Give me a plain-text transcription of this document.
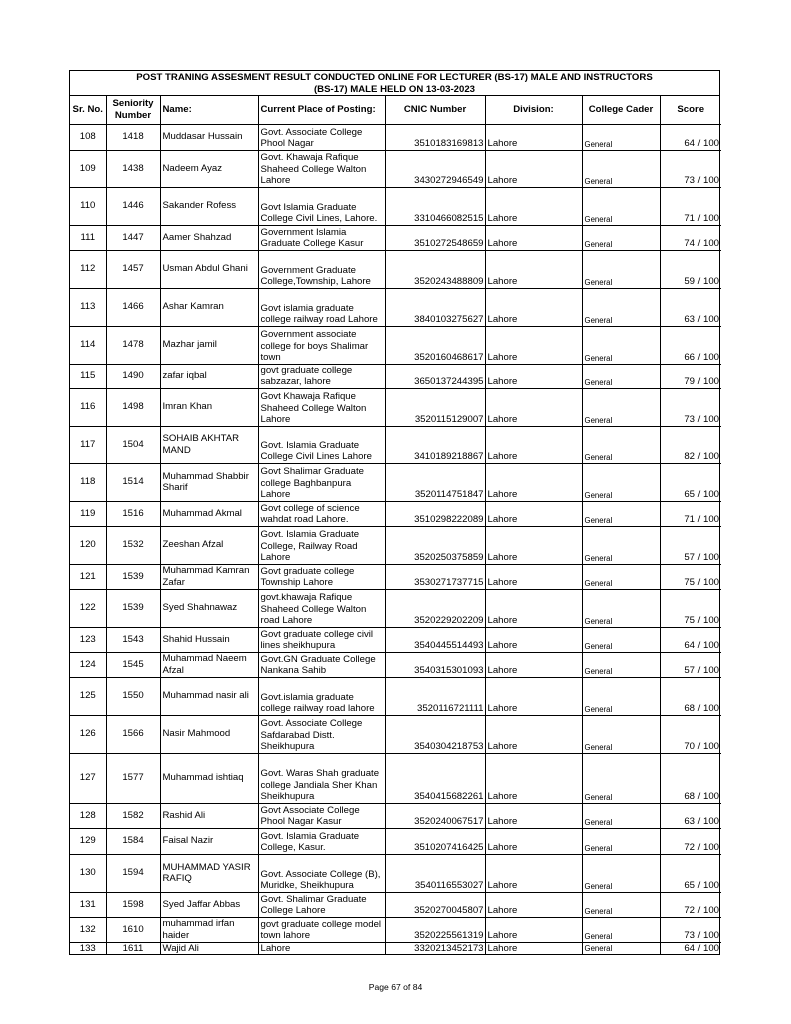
POST TRANING ASSESMENT RESULT CONDUCTED ONLINE FOR LECTURER (BS-17) MALE AND INSTRUCTORS
(BS-17) MALE HELD ON 13-03-2023
Sr. No.	Seniority Number	Name:	Current Place of Posting:	CNIC Number	Division:	College Cader	Score
108	1418	Muddasar Hussain	Govt. Associate College Phool Nagar	3510183169813	Lahore	General	64 / 100
109	1438	Nadeem Ayaz	Govt. Khawaja Rafique Shaheed College Walton Lahore	3430272946549	Lahore	General	73 / 100
110	1446	Sakander Rofess	Govt Islamia Graduate College Civil Lines, Lahore.	3310466082515	Lahore	General	71 / 100
111	1447	Aamer Shahzad	Government Islamia Graduate College Kasur	3510272548659	Lahore	General	74 / 100
112	1457	Usman Abdul Ghani	Government Graduate College,Township, Lahore	3520243488809	Lahore	General	59 / 100
113	1466	Ashar Kamran	Govt islamia graduate college railway road Lahore	3840103275627	Lahore	General	63 / 100
114	1478	Mazhar jamil	Government associate college for boys Shalimar town	3520160468617	Lahore	General	66 / 100
115	1490	zafar iqbal	govt graduate college sabzazar, lahore	3650137244395	Lahore	General	79 / 100
116	1498	Imran Khan	Govt Khawaja Rafique Shaheed College Walton Lahore	3520115129007	Lahore	General	73 / 100
117	1504	SOHAIB AKHTAR MAND	Govt. Islamia Graduate College Civil Lines Lahore	3410189218867	Lahore	General	82 / 100
118	1514	Muhammad Shabbir Sharif	Govt Shalimar Graduate college Baghbanpura Lahore	3520114751847	Lahore	General	65 / 100
119	1516	Muhammad Akmal	Govt college of science wahdat road Lahore.	3510298222089	Lahore	General	71 / 100
120	1532	Zeeshan Afzal	Govt. Islamia Graduate College, Railway Road Lahore	3520250375859	Lahore	General	57 / 100
121	1539	Muhammad Kamran Zafar	Govt graduate college Township Lahore	3530271737715	Lahore	General	75 / 100
122	1539	Syed Shahnawaz	govt.khawaja Rafique Shaheed College Walton road Lahore	3520229202209	Lahore	General	75 / 100
123	1543	Shahid Hussain	Govt graduate college civil lines sheikhupura	3540445514493	Lahore	General	64 / 100
124	1545	Muhammad Naeem Afzal	Govt.GN Graduate College Nankana Sahib	3540315301093	Lahore	General	57 / 100
125	1550	Muhammad nasir ali	Govt.islamia graduate college railway road lahore	3520116721111	Lahore	General	68 / 100
126	1566	Nasir Mahmood	Govt. Associate College Safdarabad Distt. Sheikhupura	3540304218753	Lahore	General	70 / 100
127	1577	Muhammad ishtiaq	Govt. Waras Shah graduate college Jandiala Sher Khan Sheikhupura	3540415682261	Lahore	General	68 / 100
128	1582	Rashid Ali	Govt Associate College Phool Nagar Kasur	3520240067517	Lahore	General	63 / 100
129	1584	Faisal Nazir	Govt. Islamia Graduate College, Kasur.	3510207416425	Lahore	General	72 / 100
130	1594	MUHAMMAD YASIR RAFIQ	Govt. Associate College (B), Muridke, Sheikhupura	3540116553027	Lahore	General	65 / 100
131	1598	Syed Jaffar Abbas	Govt. Shalimar Graduate College Lahore	3520270045807	Lahore	General	72 / 100
132	1610	muhammad irfan haider	govt graduate college model town lahore	3520225561319	Lahore	General	73 / 100
133	1611	Wajid Ali	Lahore	3320213452173	Lahore	General	64 / 100
Page 67 of 84
